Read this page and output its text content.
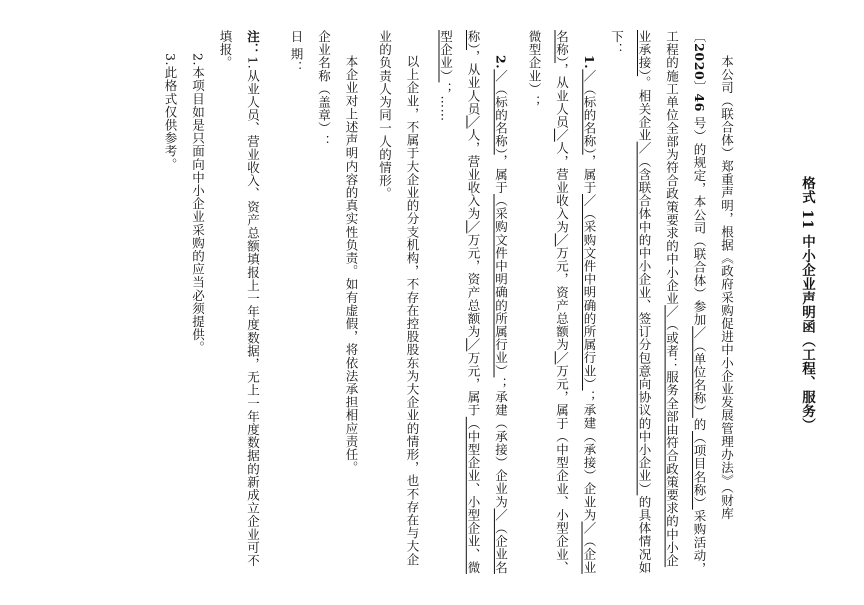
格式 11 中小企业声明函（工程、服务）

本公司（联合体）郑重声明，根据《政府采购促进中小企业发展管理办法》（财库〔2020〕46 号）的规定，本公司（联合体）参加／（单位名称）的（项目名称）采购活动，工程的施工单位全部为符合政策要求的中小企业／（或者：服务全部由符合政策要求的中小企业承接）。相关企业／（含联合体中的中小企业、签订分包意向协议的中小企业）的具体情况如下：

1.／（标的名称），属于／（采购文件中明确的所属行业）；承建（承接）企业为／（企业名称），从业人员／人，营业收入为／万元，资产总额为／万元，属于（中型企业、小型企业、微型企业）；

2.／（标的名称），属于（采购文件中明确的所属行业）；承建（承接）企业为／（企业名称），从业人员／人，营业收入为／万元，资产总额为／万元，属于（中型企业、小型企业、微型企业）；……

以上企业，不属于大企业的分支机构，不存在控股股东为大企业的情形，也不存在与大企业的负责人为同一人的情形。

本企业对上述声明内容的真实性负责。如有虚假，将依法承担相应责任。

企业名称（盖章）：

日 期：

注：1.从业人员、营业收入、资产总额填报上一年度数据，无上一年度数据的新成立企业可不填报。

2.本项目如是只面向中小企业采购的应当必须提供。

3.此格式仅供参考。
